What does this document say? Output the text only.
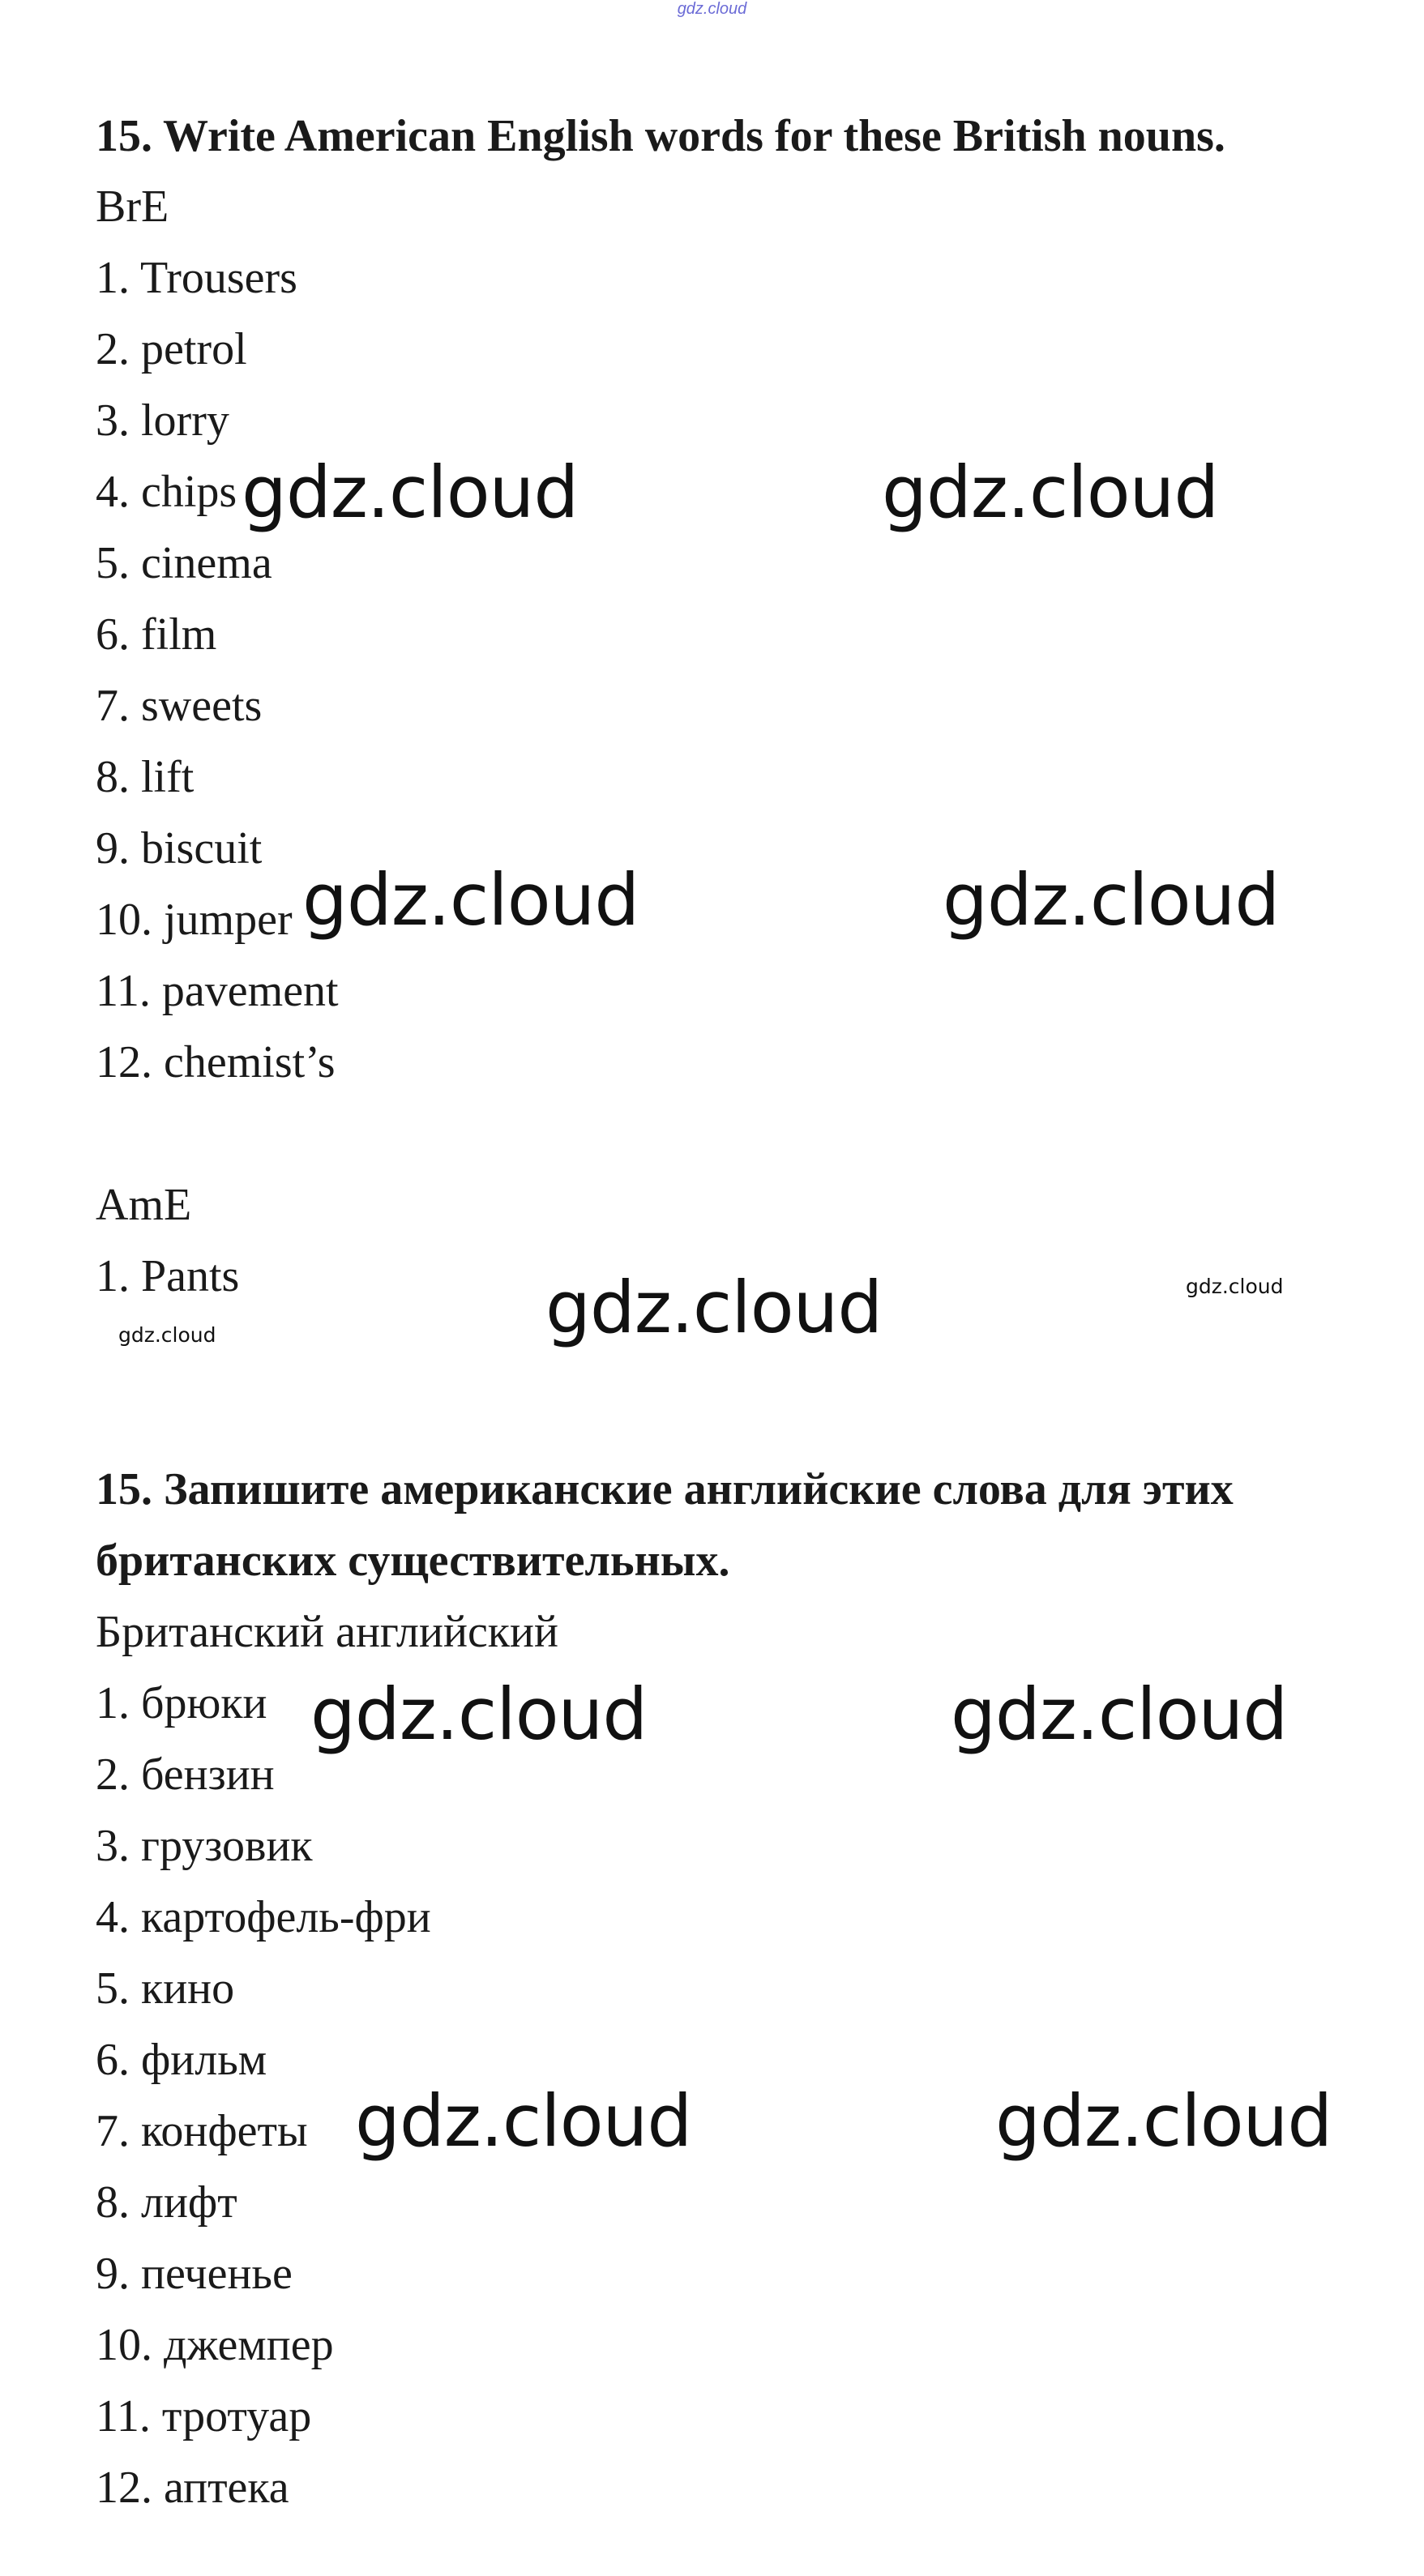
gdz.cloud
15. Write American English words for these British nouns.
BrE
1. Trousers
2. petrol
3. lorry
4. chips
5. cinema
6. film
7. sweets
8. lift
9. biscuit
10. jumper
11. pavement
12. chemist’s
AmE
1. Pants
15. Запишите американские английские слова для этих
британских существительных.
Британский английский
1. брюки
2. бензин
3. грузовик
4. картофель-фри
5. кино
6. фильм
7. конфеты
8. лифт
9. печенье
10. джемпер
11. тротуар
12. аптека
gdz.cloud	gdz.cloud
gdz.cloud	gdz.cloud
gdz.cloud	gdz.cloud
gdz.cloud
gdz.cloud	gdz.cloud
gdz.cloud	gdz.cloud
